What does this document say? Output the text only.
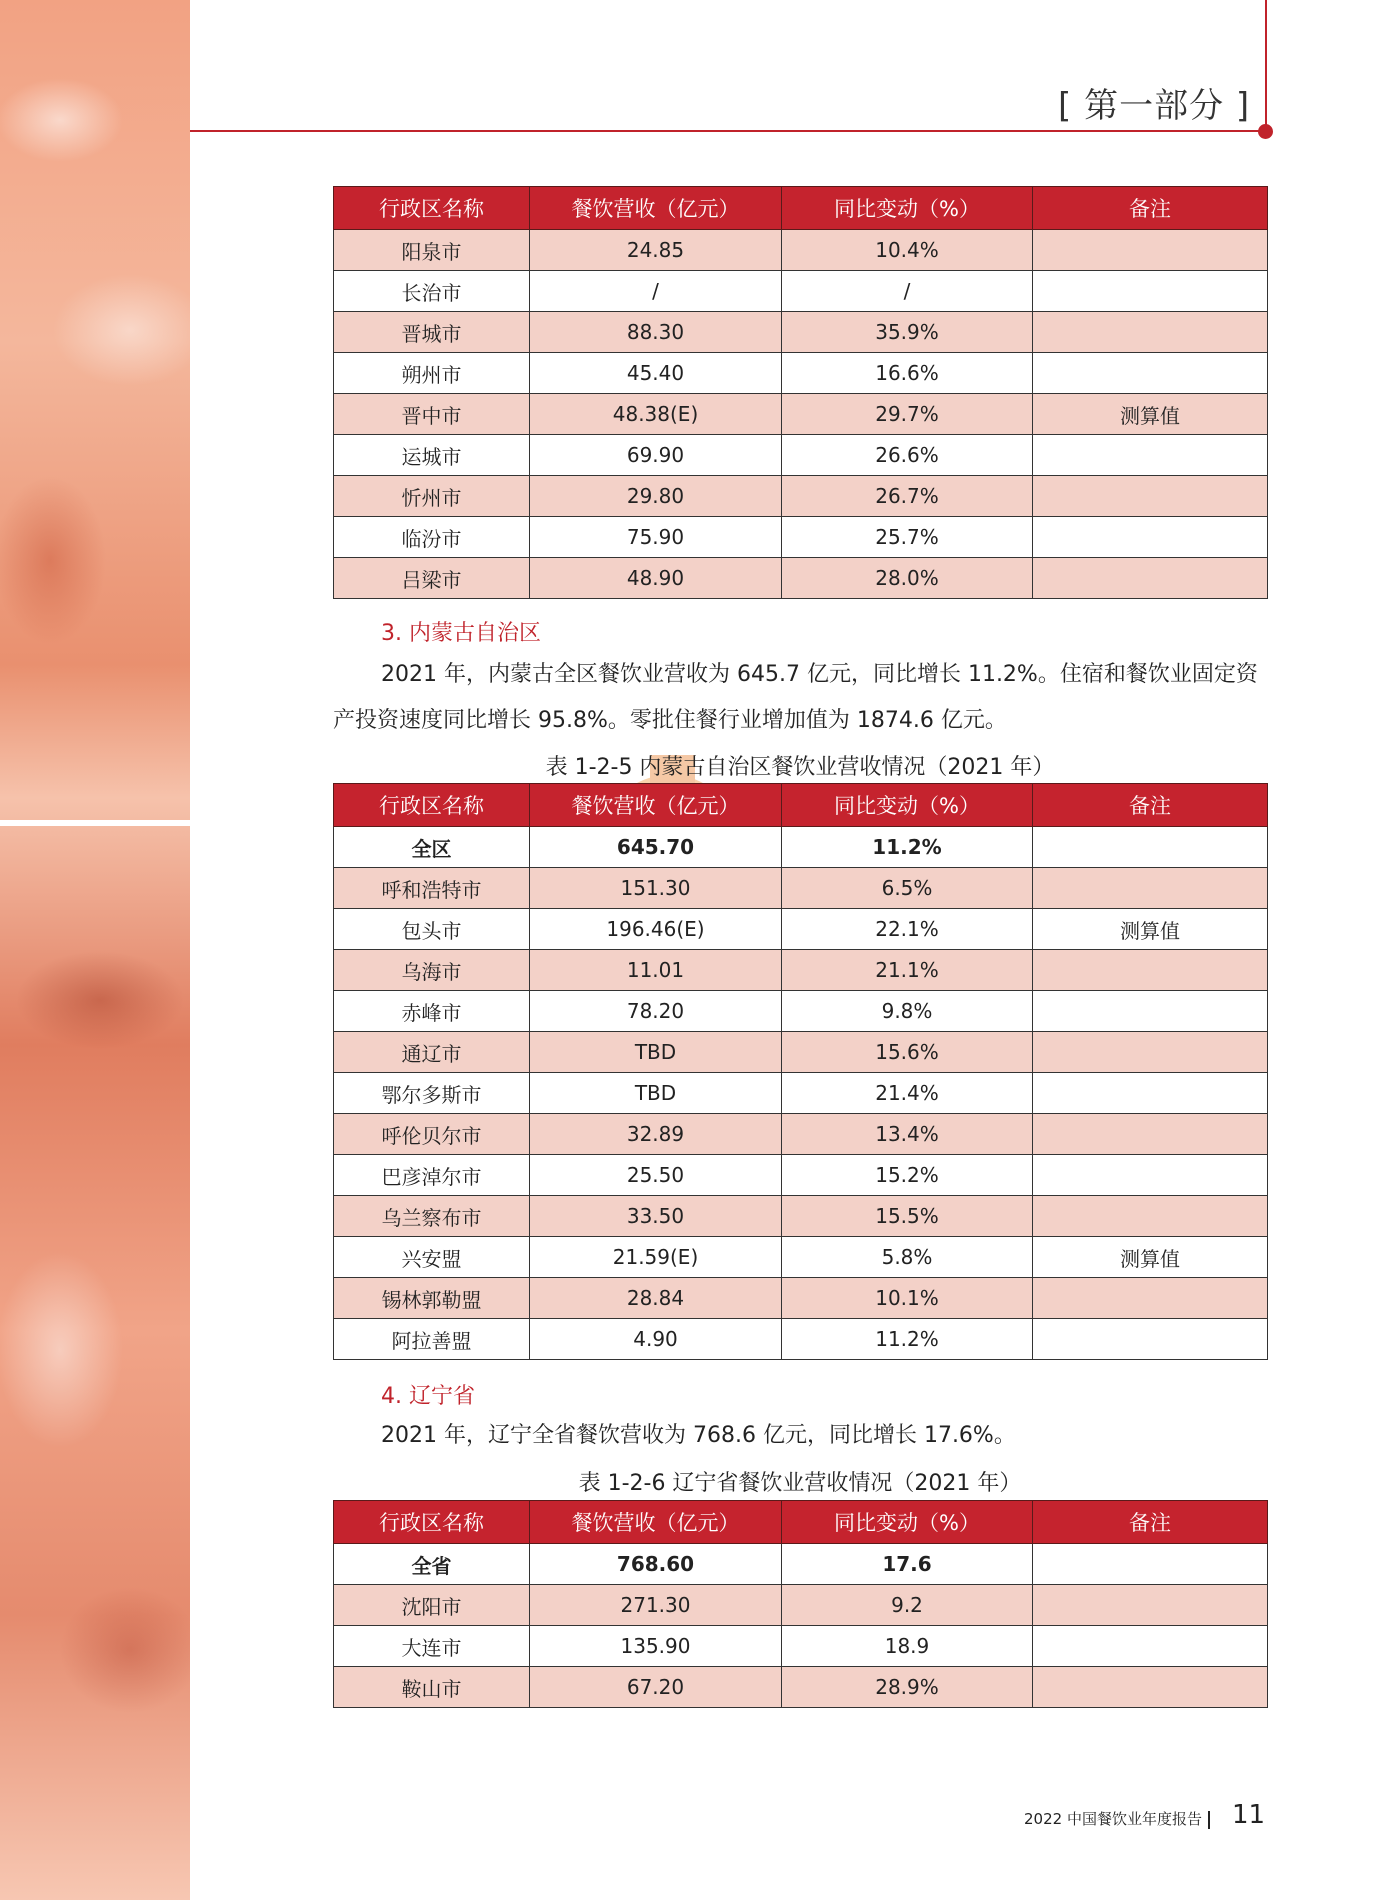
[ 第一部分 ]
行政区名称	餐饮营收（亿元）	同比变动（%）	备注
阳泉市	24.85	10.4%	
长治市	/	/	
晋城市	88.30	35.9%	
朔州市	45.40	16.6%	
晋中市	48.38(E)	29.7%	测算值
运城市	69.90	26.6%	
忻州市	29.80	26.7%	
临汾市	75.90	25.7%	
吕梁市	48.90	28.0%	
3. 内蒙古自治区

2021 年，内蒙古全区餐饮业营收为 645.7 亿元，同比增长 11.2%。住宿和餐饮业固定资产投资速度同比增长 95.8%。零批住餐行业增加值为 1874.6 亿元。

表 1-2-5 内蒙古自治区餐饮业营收情况（2021 年）
行政区名称	餐饮营收（亿元）	同比变动（%）	备注
全区	645.70	11.2%	
呼和浩特市	151.30	6.5%	
包头市	196.46(E)	22.1%	测算值
乌海市	11.01	21.1%	
赤峰市	78.20	9.8%	
通辽市	TBD	15.6%	
鄂尔多斯市	TBD	21.4%	
呼伦贝尔市	32.89	13.4%	
巴彦淖尔市	25.50	15.2%	
乌兰察布市	33.50	15.5%	
兴安盟	21.59(E)	5.8%	测算值
锡林郭勒盟	28.84	10.1%	
阿拉善盟	4.90	11.2%	
4. 辽宁省

2021 年，辽宁全省餐饮营收为 768.6 亿元，同比增长 17.6%。

表 1-2-6 辽宁省餐饮业营收情况（2021 年）
行政区名称	餐饮营收（亿元）	同比变动（%）	备注
全省	768.60	17.6	
沈阳市	271.30	9.2	
大连市	135.90	18.9	
鞍山市	67.20	28.9%	
2022 中国餐饮业年度报告 11
